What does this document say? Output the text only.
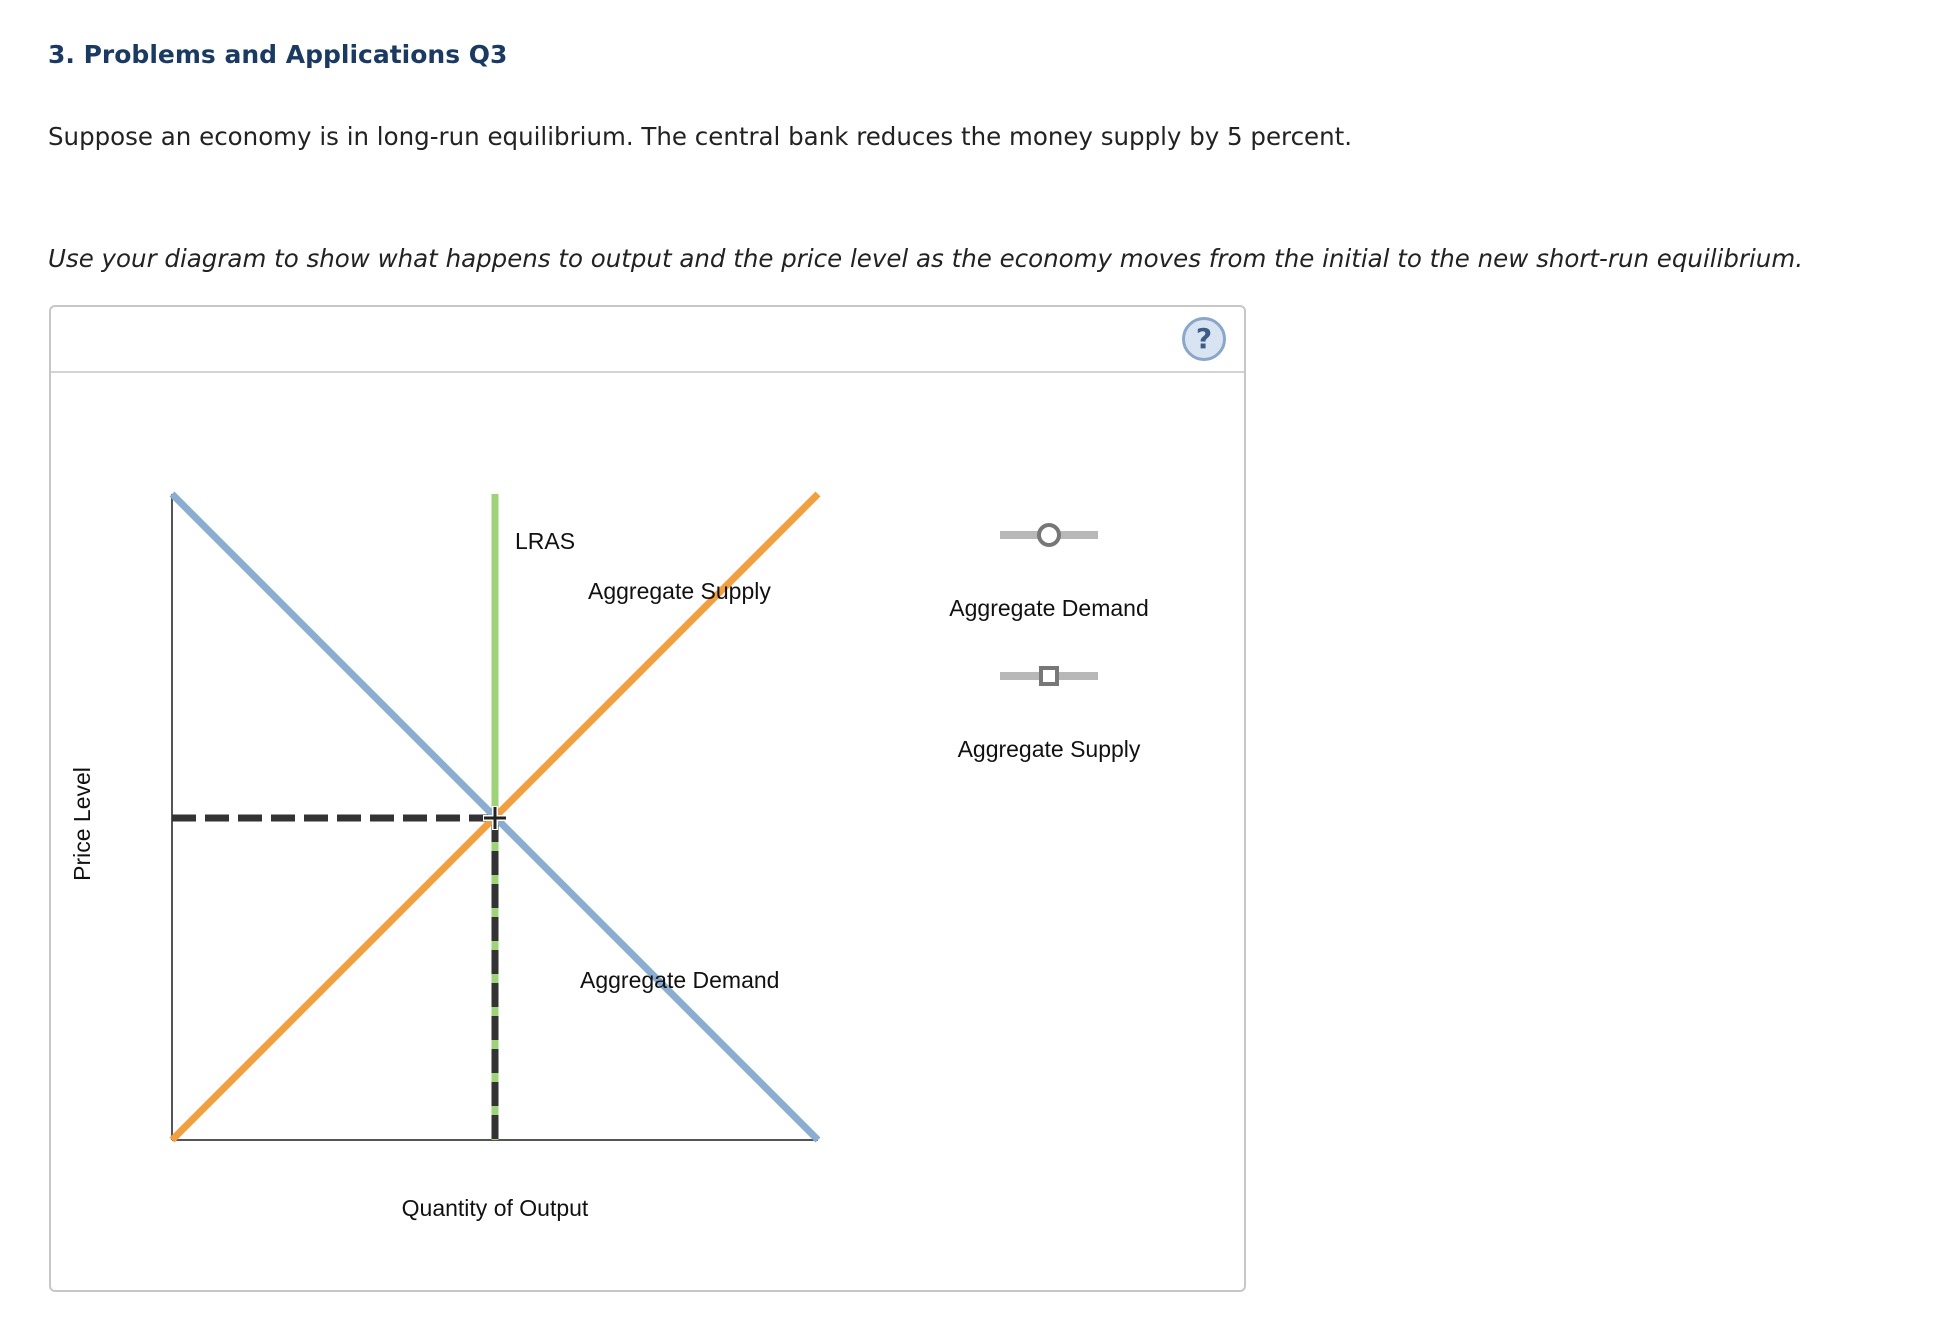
3. Problems and Applications Q3
Suppose an economy is in long-run equilibrium. The central bank reduces the money supply by 5 percent.
Use your diagram to show what happens to output and the price level as the economy moves from the initial to the new short-run equilibrium.
?
LRAS
Aggregate Supply
Aggregate Demand
Price Level
Quantity of Output
Aggregate Demand
Aggregate Supply
